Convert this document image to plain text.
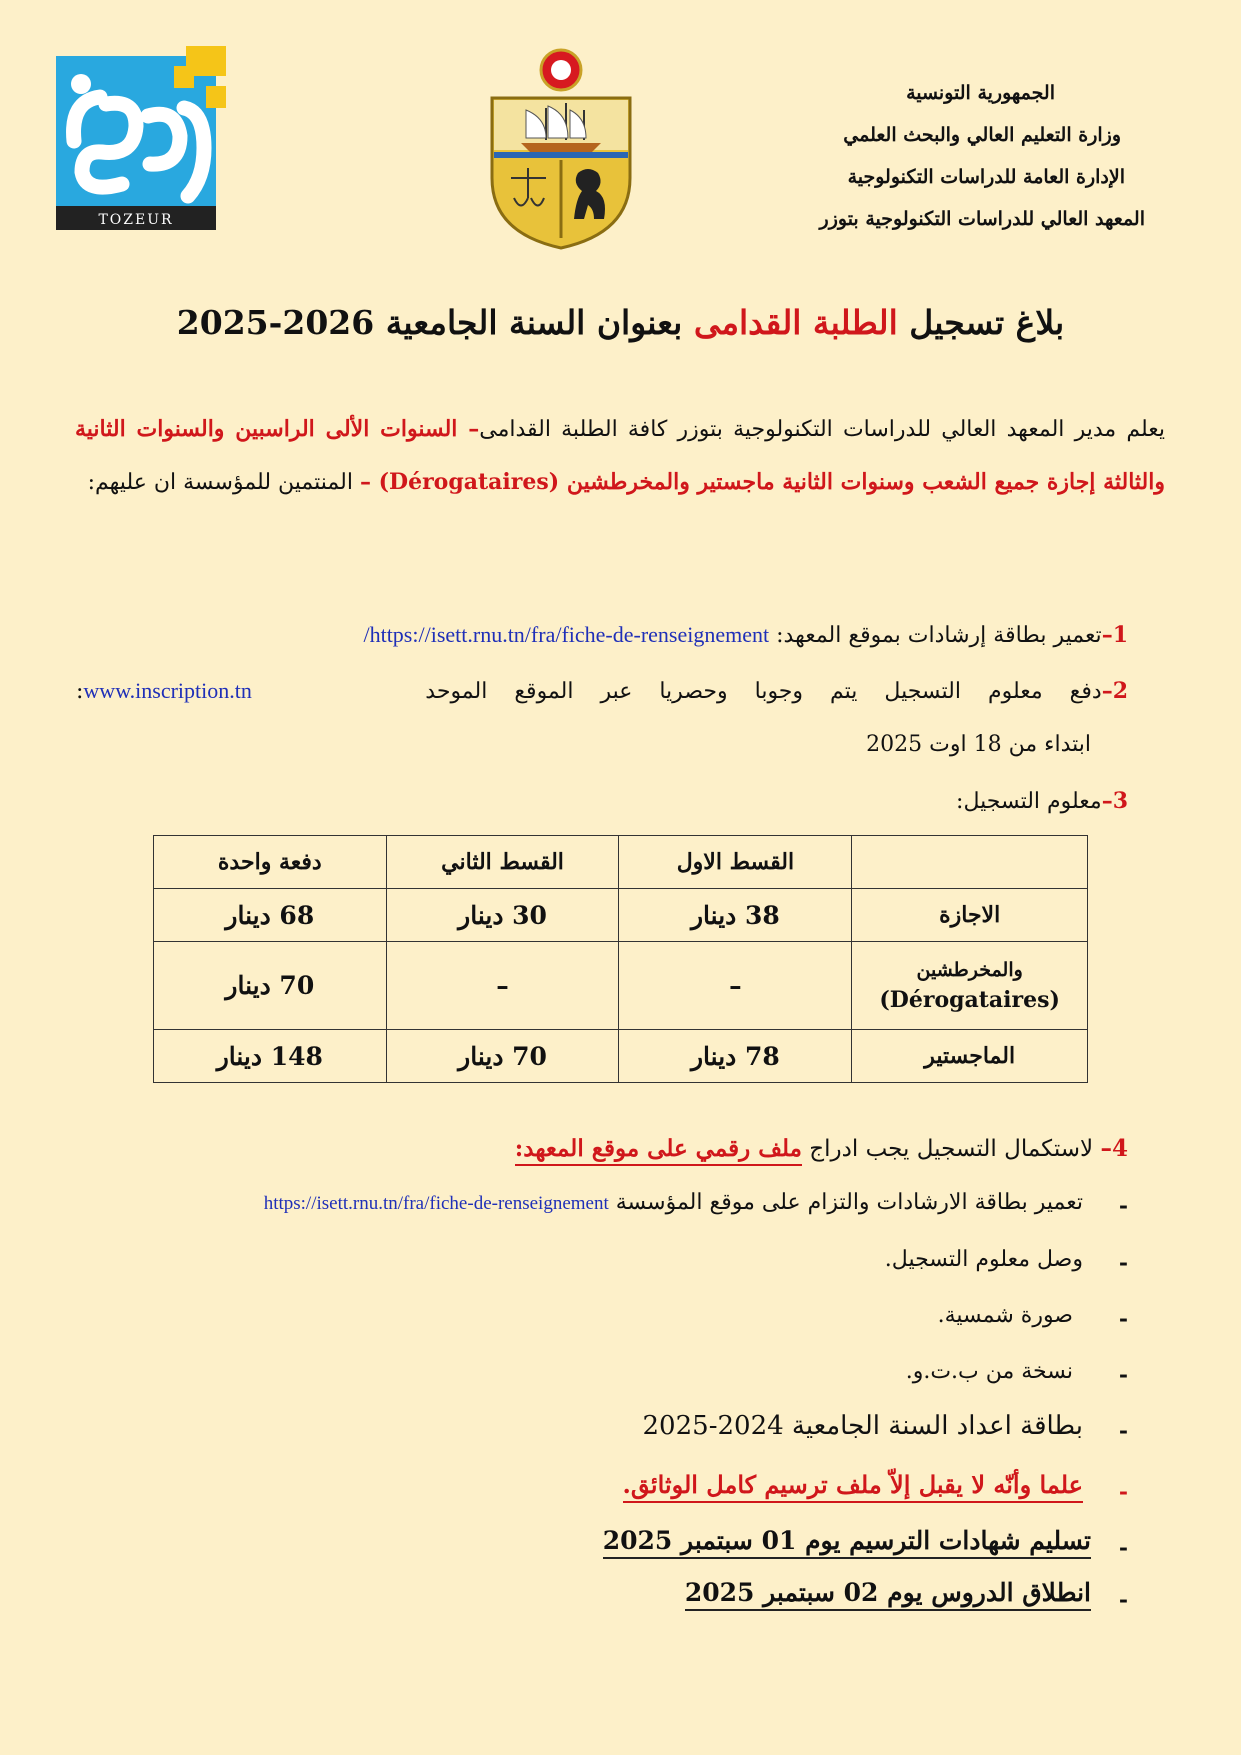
TOZEUR
الجمهورية التونسية
وزارة التعليم العالي والبحث العلمي
الإدارة العامة للدراسات التكنولوجية
المعهد العالي للدراسات التكنولوجية بتوزر
بلاغ تسجيل الطلبة القدامى بعنوان السنة الجامعية 2026-2025
يعلم مدير المعهد العالي للدراسات التكنولوجية بتوزر كافة الطلبة القدامى– السنوات الألى الراسبين والسنوات الثانية والثالثة إجازة جميع الشعب وسنوات الثانية ماجستير والمخرطشين (Dérogataires) – المنتمين للمؤسسة ان عليهم:
1–تعمير بطاقة إرشادات بموقع المعهد: https://isett.rnu.tn/fra/fiche-de-renseignement/
2–دفع معلوم التسجيل يتم وجوبا وحصريا عبر الموقع الموحد
:www.inscription.tn
ابتداء من 18 اوت 2025
3–معلوم التسجيل:
	القسط الاول	القسط الثاني	دفعة واحدة
الاجازة	38 دينار	30 دينار	68 دينار

والمخرطشين
(Dérogataires)	–	–	70 دينار
الماجستير	78 دينار	70 دينار	148 دينار
4– لاستكمال التسجيل يجب ادراج ملف رقمي على موقع المعهد:
-
تعمير بطاقة الارشادات والتزام على موقع المؤسسة https://isett.rnu.tn/fra/fiche-de-renseignement
-
وصل معلوم التسجيل.
-
صورة شمسية.
-
نسخة من ب.ت.و.
-
بطاقة اعداد السنة الجامعية 2024-2025
-
علما وأنّه لا يقبل إلاّ ملف ترسيم كامل الوثائق.
-
تسليم شهادات الترسيم يوم 01 سبتمبر 2025
-
انطلاق الدروس يوم 02 سبتمبر 2025
